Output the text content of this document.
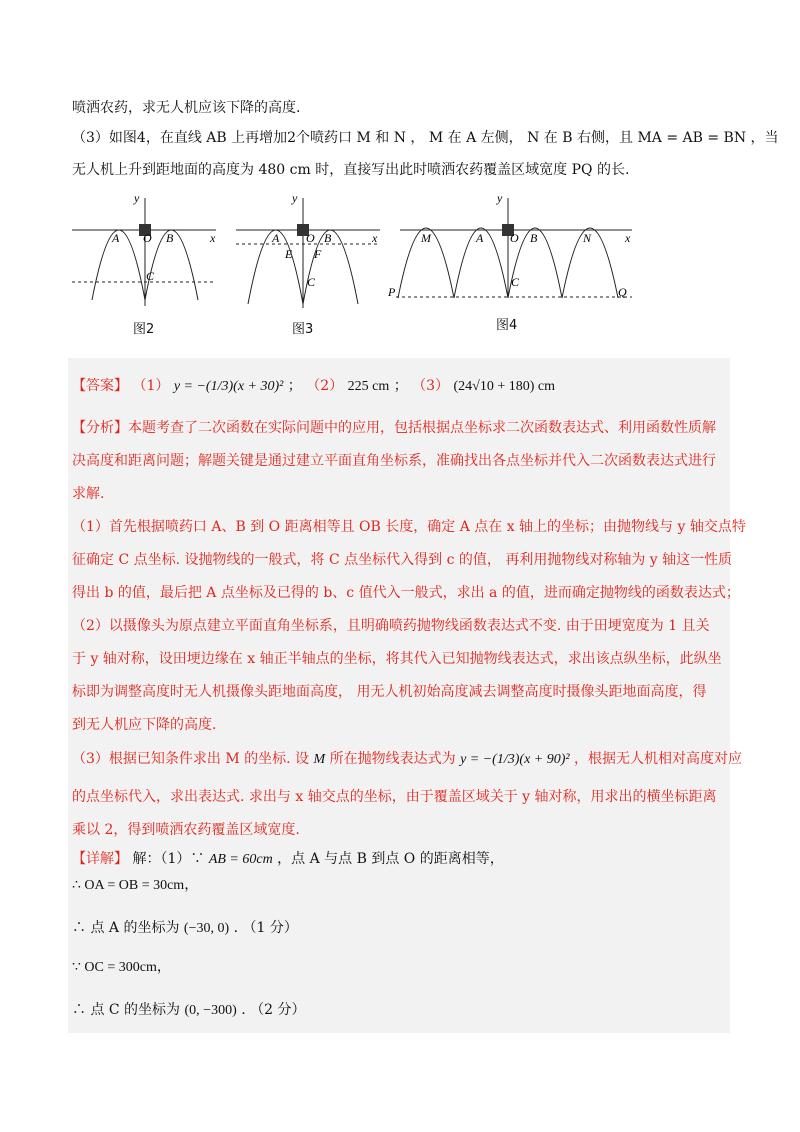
喷洒农药，求无人机应该下降的高度.
（3）如图4，在直线 AB 上再增加2个喷药口 M 和 N ， M 在 A 左侧， N 在 B 右侧，且 MA = AB = BN ，当
无人机上升到距地面的高度为 480 cm 时，直接写出此时喷洒农药覆盖区域宽度 PQ 的长.
y
x
A O B
C
y
x
A O B
E F
C
y
x
M	A O B	N
C
P	Q
图2	图3	图4
【答案】 （1） y = −(1/3)(x + 30)² ； （2） 225 cm ； （3） (24√10 + 180) cm
【分析】本题考查了二次函数在实际问题中的应用，包括根据点坐标求二次函数表达式、利用函数性质解
决高度和距离问题；解题关键是通过建立平面直角坐标系，准确找出各点坐标并代入二次函数表达式进行
求解.
（1）首先根据喷药口 A、B 到 O 距离相等且 OB 长度，确定 A 点在 x 轴上的坐标；由抛物线与 y 轴交点特
征确定 C 点坐标. 设抛物线的一般式，将 C 点坐标代入得到 c 的值， 再利用抛物线对称轴为 y 轴这一性质
得出 b 的值，最后把 A 点坐标及已得的 b、c 值代入一般式，求出 a 的值，进而确定抛物线的函数表达式；
（2）以摄像头为原点建立平面直角坐标系，且明确喷药抛物线函数表达式不变. 由于田埂宽度为 1 且关
于 y 轴对称，设田埂边缘在 x 轴正半轴点的坐标，将其代入已知抛物线表达式，求出该点纵坐标，此纵坐
标即为调整高度时无人机摄像头距地面高度， 用无人机初始高度减去调整高度时摄像头距地面高度，得
到无人机应下降的高度.
（3）根据已知条件求出 M 的坐标. 设 M 所在抛物线表达式为 y = −(1/3)(x + 90)² ，根据无人机相对高度对应
的点坐标代入，求出表达式. 求出与 x 轴交点的坐标，由于覆盖区域关于 y 轴对称，用求出的横坐标距离
乘以 2，得到喷洒农药覆盖区域宽度.
【详解】 解：（1）∵ AB = 60cm ，点 A 与点 B 到点 O 的距离相等，
∴ OA = OB = 30cm，
∴ 点 A 的坐标为 (−30, 0) . （1 分）
∵ OC = 300cm，
∴ 点 C 的坐标为 (0, −300) . （2 分）
